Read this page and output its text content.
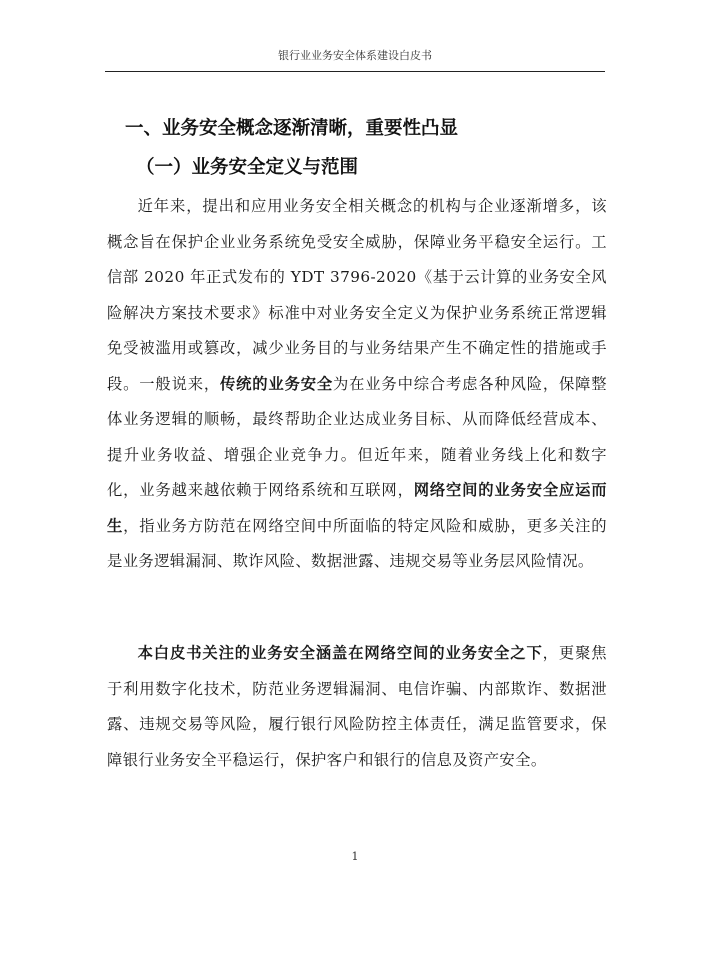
银行业业务安全体系建设白皮书
一、业务安全概念逐渐清晰，重要性凸显
（一）业务安全定义与范围
近年来，提出和应用业务安全相关概念的机构与企业逐渐增多，该概念旨在保护企业业务系统免受安全威胁，保障业务平稳安全运行。工信部 2020 年正式发布的 YDT 3796-2020《基于云计算的业务安全风险解决方案技术要求》标准中对业务安全定义为保护业务系统正常逻辑免受被滥用或篡改，减少业务目的与业务结果产生不确定性的措施或手段。一般说来，传统的业务安全为在业务中综合考虑各种风险，保障整体业务逻辑的顺畅，最终帮助企业达成业务目标、从而降低经营成本、提升业务收益、增强企业竞争力。但近年来，随着业务线上化和数字化，业务越来越依赖于网络系统和互联网，网络空间的业务安全应运而生，指业务方防范在网络空间中所面临的特定风险和威胁，更多关注的是业务逻辑漏洞、欺诈风险、数据泄露、违规交易等业务层风险情况。
本白皮书关注的业务安全涵盖在网络空间的业务安全之下，更聚焦于利用数字化技术，防范业务逻辑漏洞、电信诈骗、内部欺诈、数据泄露、违规交易等风险，履行银行风险防控主体责任，满足监管要求，保障银行业务安全平稳运行，保护客户和银行的信息及资产安全。
1
